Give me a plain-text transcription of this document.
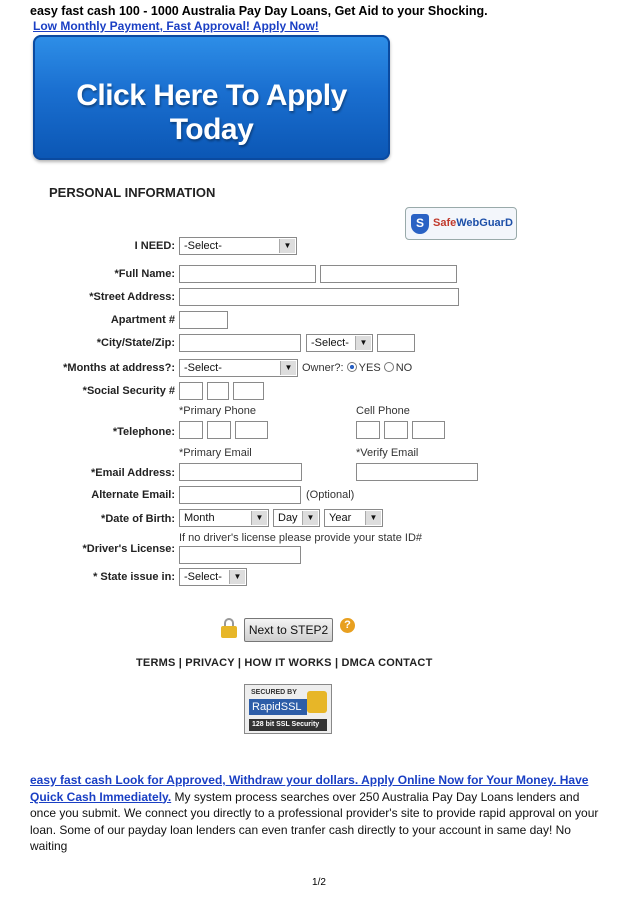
easy fast cash 100 - 1000 Australia Pay Day Loans, Get Aid to your Shocking.
Low Monthly Payment, Fast Approval! Apply Now!
Click Here To Apply Today
PERSONAL INFORMATION
S SafeWebGuarD
I NEED: -Select-	▼
*Full Name:
*Street Address:
Apartment #
*City/State/Zip:	-Select-	▼
*Months at address?: -Select-	▼ Owner?: YES NO
*Social Security #
*Primary Phone	Cell Phone
*Telephone:
*Primary Email	*Verify Email
*Email Address:
Alternate Email:	(Optional)
*Date of Birth: Month	▼	Day	▼	Year	▼
If no driver's license please provide your state ID#
*Driver's License:
* State issue in: -Select-	▼
Next to STEP2	?
TERMS | PRIVACY | HOW IT WORKS | DMCA CONTACT
SECURED BY
RapidSSL
128 bit SSL Security
easy fast cash Look for Approved, Withdraw your dollars. Apply Online Now for Your Money. Have Quick Cash Immediately. My system process searches over 250 Australia Pay Day Loans lenders and once you submit. We connect you directly to a professional provider's site to provide rapid approval on your loan. Some of our payday loan lenders can even tranfer cash directly to your account in same day! No waiting
1/2
